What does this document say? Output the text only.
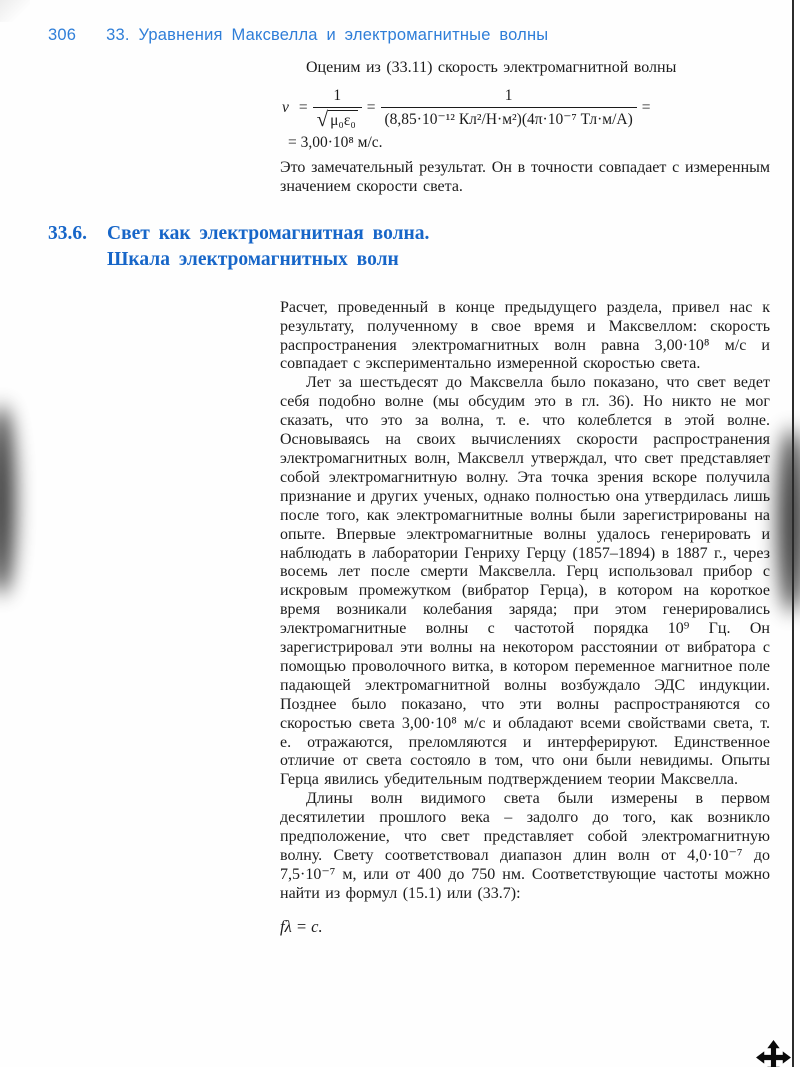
306 33. Уравнения Максвелла и электромагнитные волны

Оценим из (33.11) скорость электромагнитной волны

$v = \frac{1}{\text{√ μ₀ε₀}} = \frac{1}{\text{(8,85·10⁻¹² Кл²/Н·м²)(4π·10⁻⁷ Тл·м/А)}}$ =
= 3,00·10⁸ м/с.

Это замечательный результат. Он в точности совпадает с измеренным значением скорости света.

33.6.	Свет как электромагнитная волна.
Шкала электромагнитных волн

Расчет, проведенный в конце предыдущего раздела, привел нас к результату, полученному в свое время и Максвеллом: скорость распространения электромагнитных волн равна 3,00·10⁸ м/с и совпадает с экспериментально измеренной скоростью света.

Лет за шестьдесят до Максвелла было показано, что свет ведет себя подобно волне (мы обсудим это в гл. 36). Но никто не мог сказать, что это за волна, т. е. что колеблется в этой волне. Основываясь на своих вычислениях скорости распространения электромагнитных волн, Максвелл утверждал, что свет представляет собой электромагнитную волну. Эта точка зрения вскоре получила признание и других ученых, однако полностью она утвердилась лишь после того, как электромагнитные волны были зарегистрированы на опыте. Впервые электромагнитные волны удалось генерировать и наблюдать в лаборатории Генриху Герцу (1857–1894) в 1887 г., через восемь лет после смерти Максвелла. Герц использовал прибор с искровым промежутком (вибратор Герца), в котором на короткое время возникали колебания заряда; при этом генерировались электромагнитные волны с частотой порядка 10⁹ Гц. Он зарегистрировал эти волны на некотором расстоянии от вибратора с помощью проволочного витка, в котором переменное магнитное поле падающей электромагнитной волны возбуждало ЭДС индукции. Позднее было показано, что эти волны распространяются со скоростью света 3,00·10⁸ м/с и обладают всеми свойствами света, т. е. отражаются, преломляются и интерферируют. Единственное отличие от света состояло в том, что они были невидимы. Опыты Герца явились убедительным подтверждением теории Максвелла.

Длины волн видимого света были измерены в первом десятилетии прошлого века – задолго до того, как возникло предположение, что свет представляет собой электромагнитную волну. Свету соответствовал диапазон длин волн от 4,0·10⁻⁷ до 7,5·10⁻⁷ м, или от 400 до 750 нм. Соответствующие частоты можно найти из формул (15.1) или (33.7):

fλ = c.
